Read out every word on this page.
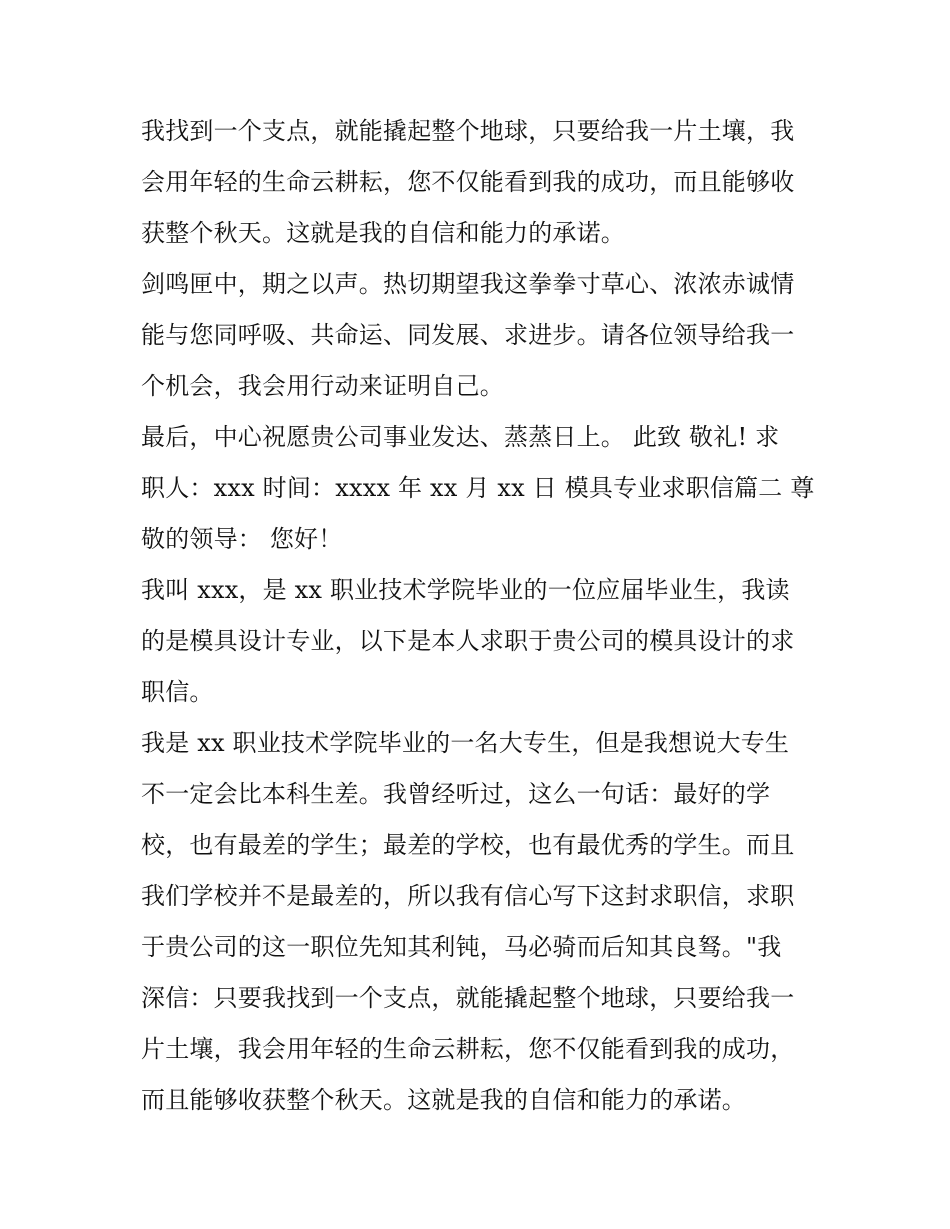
我找到一个支点，就能撬起整个地球，只要给我一片土壤，我
会用年轻的生命云耕耘，您不仅能看到我的成功，而且能够收
获整个秋天。这就是我的自信和能力的承诺。
剑鸣匣中，期之以声。热切期望我这拳拳寸草心、浓浓赤诚情
能与您同呼吸、共命运、同发展、求进步。请各位领导给我一
个机会，我会用行动来证明自己。
最后，中心祝愿贵公司事业发达、蒸蒸日上。 此致 敬礼! 求
职人：xxx 时间：xxxx 年 xx 月 xx 日 模具专业求职信篇二 尊
敬的领导： 您好！
我叫 xxx，是 xx 职业技术学院毕业的一位应届毕业生，我读
的是模具设计专业，以下是本人求职于贵公司的模具设计的求
职信。
我是 xx 职业技术学院毕业的一名大专生，但是我想说大专生
不一定会比本科生差。我曾经听过，这么一句话：最好的学
校，也有最差的学生；最差的学校，也有最优秀的学生。而且
我们学校并不是最差的，所以我有信心写下这封求职信，求职
于贵公司的这一职位先知其利钝，马必骑而后知其良驽。"我
深信：只要我找到一个支点，就能撬起整个地球，只要给我一
片土壤，我会用年轻的生命云耕耘，您不仅能看到我的成功，
而且能够收获整个秋天。这就是我的自信和能力的承诺。
